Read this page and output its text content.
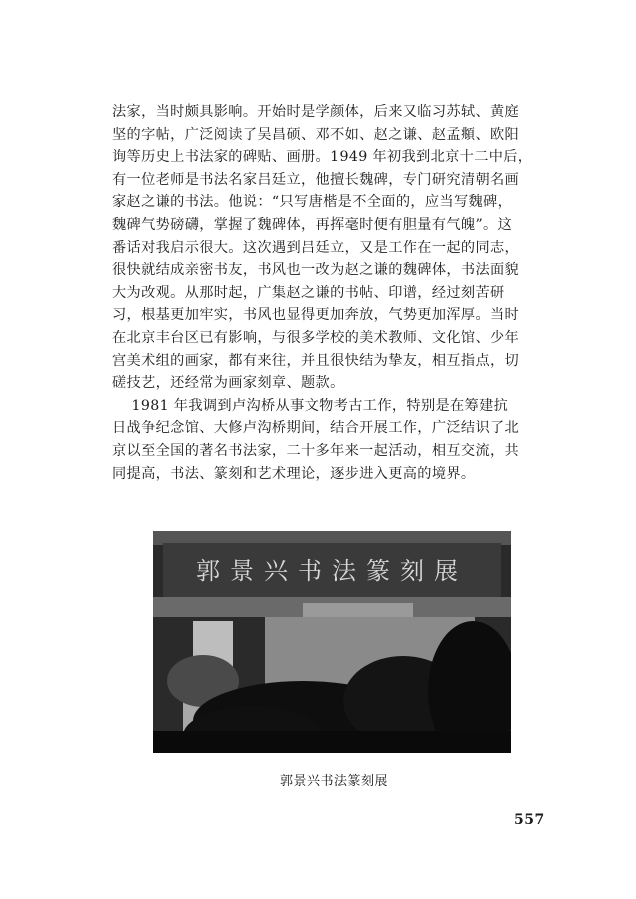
法家，当时颇具影响。开始时是学颜体，后来又临习苏轼、黄庭
坚的字帖，广泛阅读了吴昌硕、邓不如、赵之谦、赵孟頫、欧阳
询等历史上书法家的碑贴、画册。1949 年初我到北京十二中后，
有一位老师是书法名家吕廷立，他擅长魏碑，专门研究清朝名画
家赵之谦的书法。他说：“只写唐楷是不全面的，应当写魏碑，
魏碑气势磅礴，掌握了魏碑体，再挥毫时便有胆量有气魄”。这
番话对我启示很大。这次遇到吕廷立，又是工作在一起的同志，
很快就结成亲密书友，书风也一改为赵之谦的魏碑体，书法面貌
大为改观。从那时起，广集赵之谦的书帖、印谱，经过刻苦研
习，根基更加牢实，书风也显得更加奔放，气势更加浑厚。当时
在北京丰台区已有影响，与很多学校的美术教师、文化馆、少年
宫美术组的画家，都有来往，并且很快结为挚友，相互指点，切
磋技艺，还经常为画家刻章、题款。
1981 年我调到卢沟桥从事文物考古工作，特别是在筹建抗
日战争纪念馆、大修卢沟桥期间，结合开展工作，广泛结识了北
京以至全国的著名书法家，二十多年来一起活动，相互交流，共
同提高，书法、篆刻和艺术理论，逐步进入更高的境界。
郭景兴书法篆刻展
郭景兴书法篆刻展
557
